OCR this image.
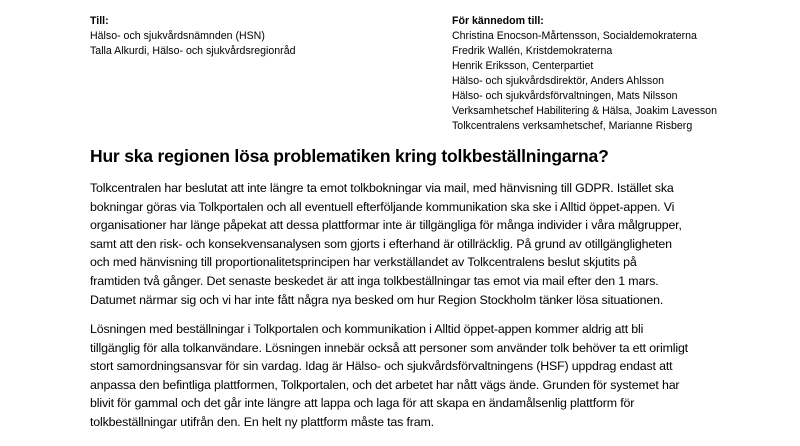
Till:
Hälso- och sjukvårdsnämnden (HSN)
Talla Alkurdi, Hälso- och sjukvårdsregionråd
För kännedom till:
Christina Enocson-Mårtensson, Socialdemokraterna
Fredrik Wallén, Kristdemokraterna
Henrik Eriksson, Centerpartiet
Hälso- och sjukvårdsdirektör, Anders Ahlsson
Hälso- och sjukvårdsförvaltningen, Mats Nilsson
Verksamhetschef Habilitering & Hälsa, Joakim Lavesson
Tolkcentralens verksamhetschef, Marianne Risberg
Hur ska regionen lösa problematiken kring tolkbeställningarna?
Tolkcentralen har beslutat att inte längre ta emot tolkbokningar via mail, med hänvisning till GDPR. Istället ska
bokningar göras via Tolkportalen och all eventuell efterföljande kommunikation ska ske i Alltid öppet-appen. Vi
organisationer har länge påpekat att dessa plattformar inte är tillgängliga för många individer i våra målgrupper,
samt att den risk- och konsekvensanalysen som gjorts i efterhand är otillräcklig. På grund av otillgängligheten
och med hänvisning till proportionalitetsprincipen har verkställandet av Tolkcentralens beslut skjutits på
framtiden två gånger. Det senaste beskedet är att inga tolkbeställningar tas emot via mail efter den 1 mars.
Datumet närmar sig och vi har inte fått några nya besked om hur Region Stockholm tänker lösa situationen.
Lösningen med beställningar i Tolkportalen och kommunikation i Alltid öppet-appen kommer aldrig att bli
tillgänglig för alla tolkanvändare. Lösningen innebär också att personer som använder tolk behöver ta ett orimligt
stort samordningsansvar för sin vardag. Idag är Hälso- och sjukvårdsförvaltningens (HSF) uppdrag endast att
anpassa den befintliga plattformen, Tolkportalen, och det arbetet har nått vägs ände. Grunden för systemet har
blivit för gammal och det går inte längre att lappa och laga för att skapa en ändamålsenlig plattform för
tolkbeställningar utifrån den. En helt ny plattform måste tas fram.
